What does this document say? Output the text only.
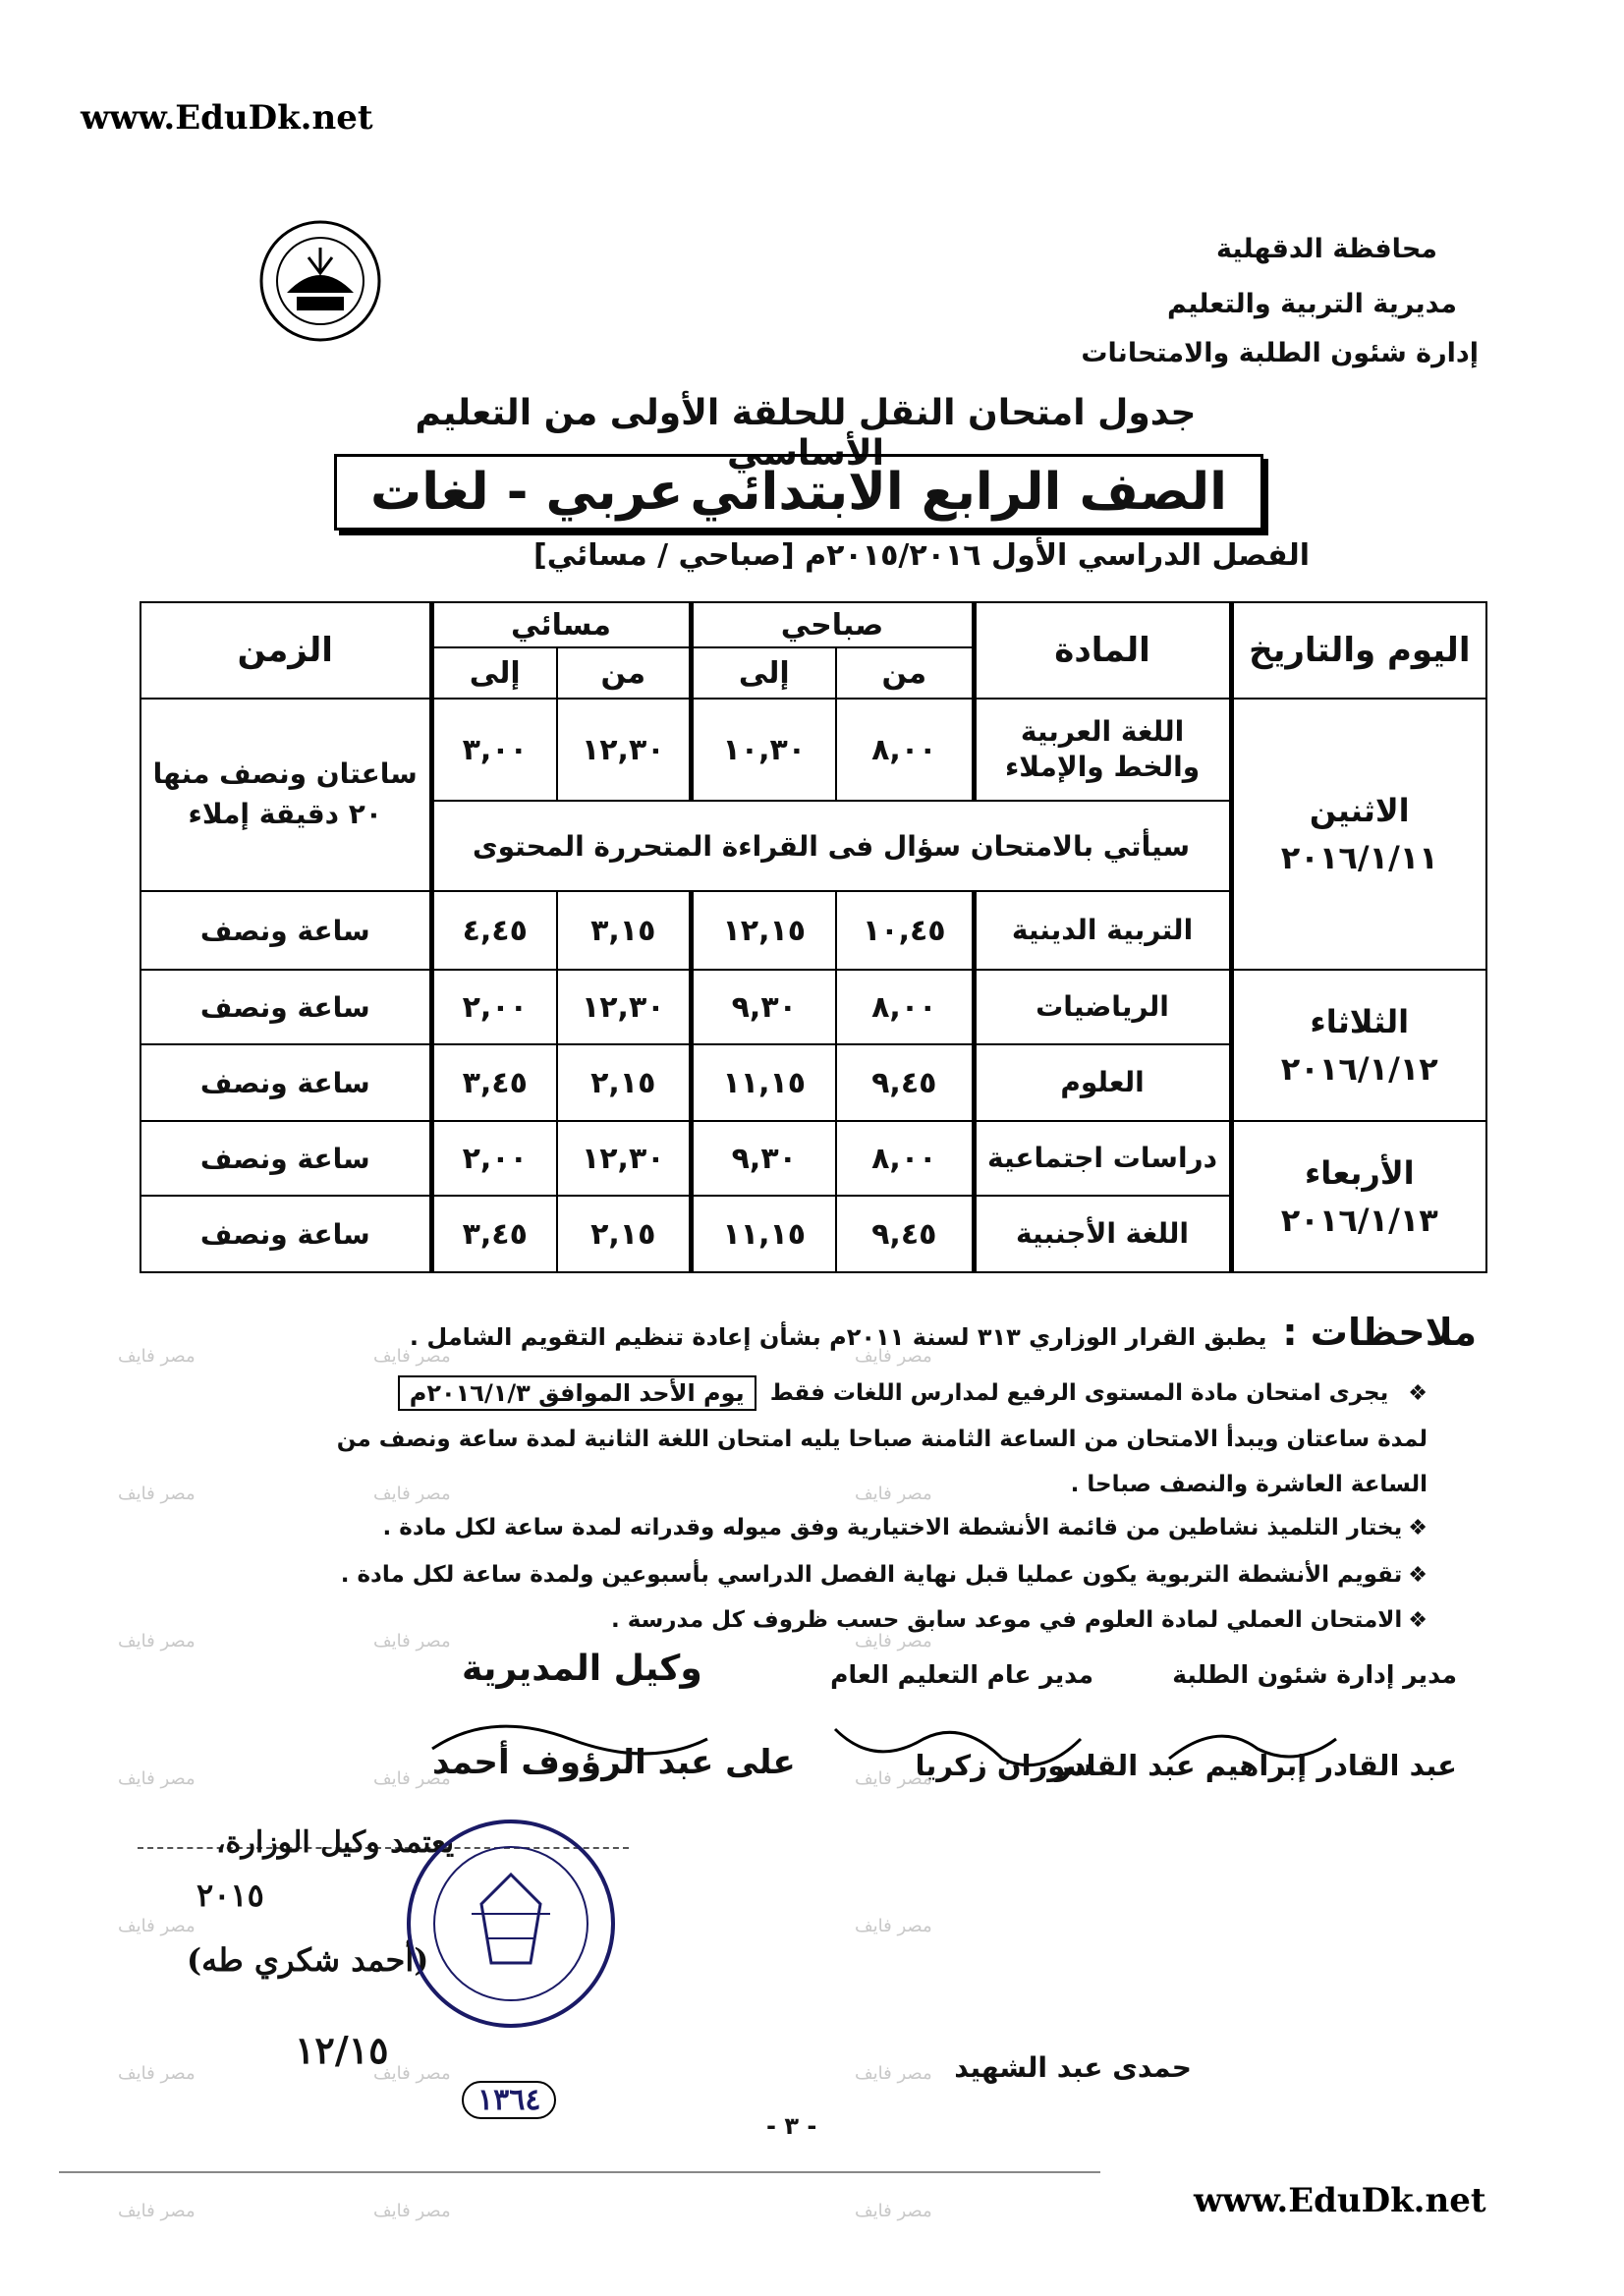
www.EduDk.net
محافظة الدقهلية
مديرية التربية والتعليم
إدارة شئون الطلبة والامتحانات
جدول امتحان النقل للحلقة الأولى من التعليم الأساسي
الصف الرابع الابتدائي
عربي - لغات
الفصل الدراسي الأول ٢٠١٥/٢٠١٦م [صباحي / مسائي]
اليوم والتاريخ	المادة	صباحي		مسائي		الزمن
		من	إلى	من	إلى	

الاثنين
٢٠١٦/١/١١	اللغة العربية والخط والإملاء	٨,٠٠	١٠,٣٠	١٢,٣٠	٣,٠٠	ساعتان ونصف منها ٢٠ دقيقة إملاء
	سيأتي بالامتحان سؤال فى القراءة المتحررة المحتوى					
	التربية الدينية	١٠,٤٥	١٢,١٥	٣,١٥	٤,٤٥	ساعة ونصف

الثلاثاء
٢٠١٦/١/١٢	الرياضيات	٨,٠٠	٩,٣٠	١٢,٣٠	٢,٠٠	ساعة ونصف
	العلوم	٩,٤٥	١١,١٥	٢,١٥	٣,٤٥	ساعة ونصف

الأربعاء
٢٠١٦/١/١٣	دراسات اجتماعية	٨,٠٠	٩,٣٠	١٢,٣٠	٢,٠٠	ساعة ونصف
	اللغة الأجنبية	٩,٤٥	١١,١٥	٢,١٥	٣,٤٥	ساعة ونصف
ملاحظات :
يطبق القرار الوزاري ٣١٣ لسنة ٢٠١١م بشأن إعادة تنظيم التقويم الشامل .
❖
يجرى امتحان مادة المستوى الرفيع لمدارس اللغات فقط
يوم الأحد الموافق ٢٠١٦/١/٣م
لمدة ساعتان ويبدأ الامتحان من الساعة الثامنة صباحا يليه امتحان اللغة الثانية لمدة ساعة ونصف من
الساعة العاشرة والنصف صباحا .
❖يختار التلميذ نشاطين من قائمة الأنشطة الاختيارية وفق ميوله وقدراته لمدة ساعة لكل مادة .
❖تقويم الأنشطة التربوية يكون عمليا قبل نهاية الفصل الدراسي بأسبوعين ولمدة ساعة لكل مادة .
❖الامتحان العملي لمادة العلوم في موعد سابق حسب ظروف كل مدرسة .
مدير إدارة شئون الطلبة
مدير عام التعليم العام
وكيل المديرية
عبد القادر إبراهيم عبد القادر
سوزان زكريا
على عبد الرؤوف أحمد
يعتمد وكيل الوزارة،
٢٠١٥
(أحمد شكري طه)
١٢/١٥
١٣٦٤
حمدى عبد الشهيد
- ٣ -
www.EduDk.net
مصر فايف	مصر فايف	مصر فايف
مصر فايف	مصر فايف	مصر فايف
مصر فايف	مصر فايف	مصر فايف
مصر فايف	مصر فايف	مصر فايف
مصر فايف	مصر فايف
مصر فايف	مصر فايف	مصر فايف
مصر فايف	مصر فايف	مصر فايف
